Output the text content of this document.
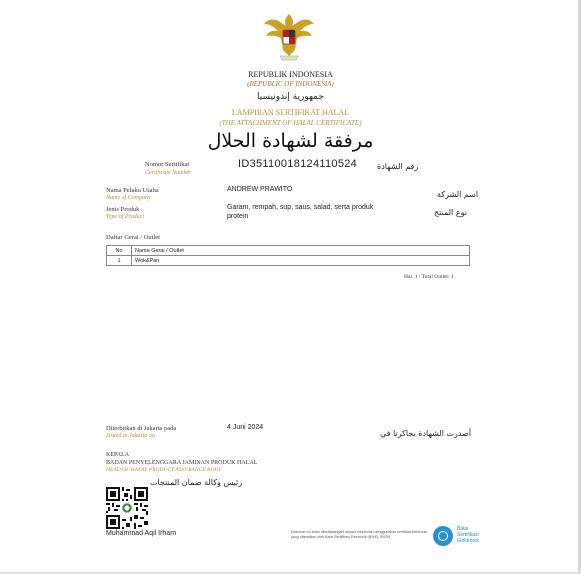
REPUBLIK INDONESIA
(REPUBLIC OF INDONESIA)
جمهورية إندونيسيا
LAMPIRAN SERTIFIKAT HALAL
(THE ATTACHMENT OF HALAL CERTIFICATE)
مرفقة لشهادة الحلال
Nomor Sertifikat
Certificate Number
ID35110018124110524 رقم الشهادة
Nama Pelaku Usaha
Name of Company
ANDREW PRAWITO
اسم الشركة
Jenis Produk
Type of Product
Garam, rempah, sup, saus, salad, serta produk
protein	نوع المنتج
Daftar Gerai / Outlet
No	Nama Gerai / Outlet
1	Wok&Pan
Hal. 1 / Total Outlet: 1
Diterbitkan di Jakarta pada
Issued in Jakarta on
4 Juni 2024
أصدرت الشهادة بجاكرتا في
KEPALA
BADAN PENYELENGGARA JAMINAN PRODUK HALAL
HEAD OF HALAL PRODUCT ASSURANCE BODY
رئيس وكالة ضمان المنتجات
Muhammad Aqil Irham	Dokumen ini telah ditandatangani secara elektronik menggunakan sertifikat elektronik yang diterbitkan oleh Balai Sertifikasi Elektronik (BSrE), BSSN
Balai
Sertifikasi
Elektronik
